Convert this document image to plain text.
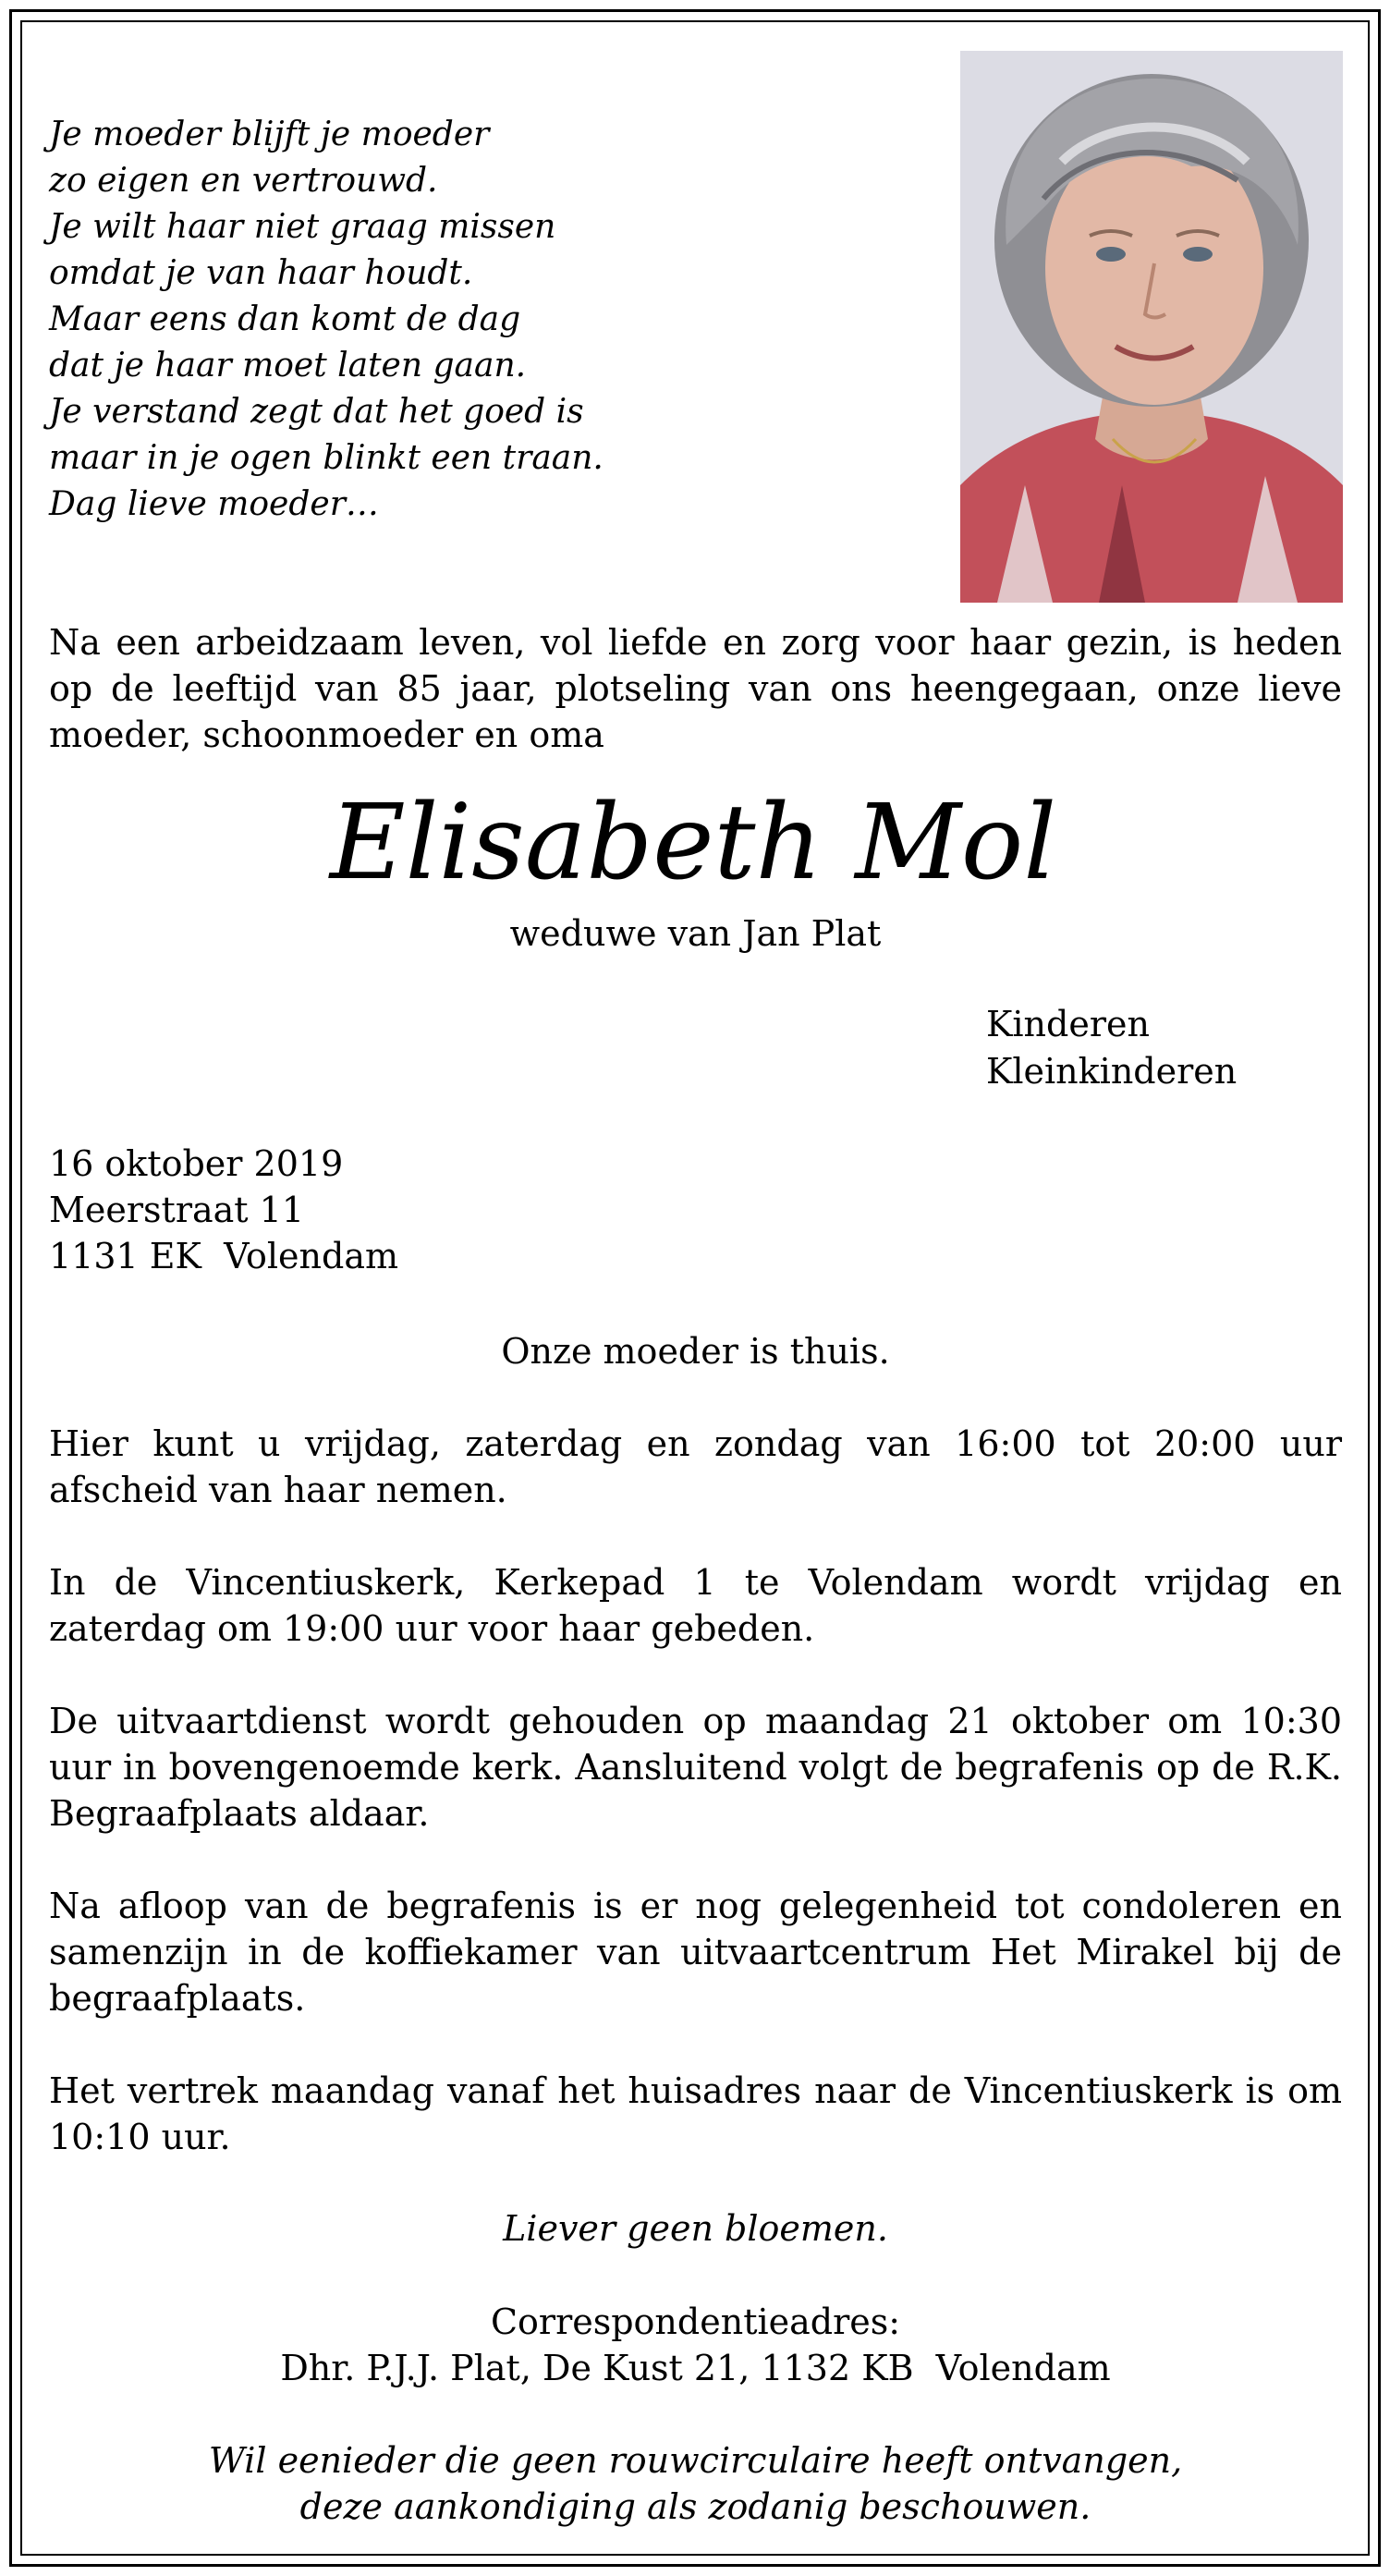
Je moeder blijft je moeder
zo eigen en vertrouwd.
Je wilt haar niet graag missen
omdat je van haar houdt.
Maar eens dan komt de dag
dat je haar moet laten gaan.
Je verstand zegt dat het goed is
maar in je ogen blinkt een traan.
Dag lieve moeder…
Na een arbeidzaam leven, vol liefde en zorg voor haar gezin, is heden op de leeftijd van 85 jaar, plotseling van ons heengegaan, onze lieve moeder, schoonmoeder en oma
Elisabeth Mol
weduwe van Jan Plat
Kinderen
Kleinkinderen
16 oktober 2019
Meerstraat 11
1131 EK  Volendam
Onze moeder is thuis.
Hier kunt u vrijdag, zaterdag en zondag van 16:00 tot 20:00 uur afscheid van haar nemen.
In de Vincentiuskerk, Kerkepad 1 te Volendam wordt vrijdag en zaterdag om 19:00 uur voor haar gebeden.
De uitvaartdienst wordt gehouden op maandag 21 oktober om 10:30 uur in bovengenoemde kerk. Aansluitend volgt de begrafenis op de R.K. Begraafplaats aldaar.
Na afloop van de begrafenis is er nog gelegenheid tot condoleren en samenzijn in de koffiekamer van uitvaartcentrum Het Mirakel bij de begraafplaats.
Het vertrek maandag vanaf het huisadres naar de Vincentiuskerk is om 10:10 uur.
Liever geen bloemen.
Correspondentieadres:
Dhr. P.J.J. Plat, De Kust 21, 1132 KB  Volendam
Wil eenieder die geen rouwcirculaire heeft ontvangen,
deze aankondiging als zodanig beschouwen.
